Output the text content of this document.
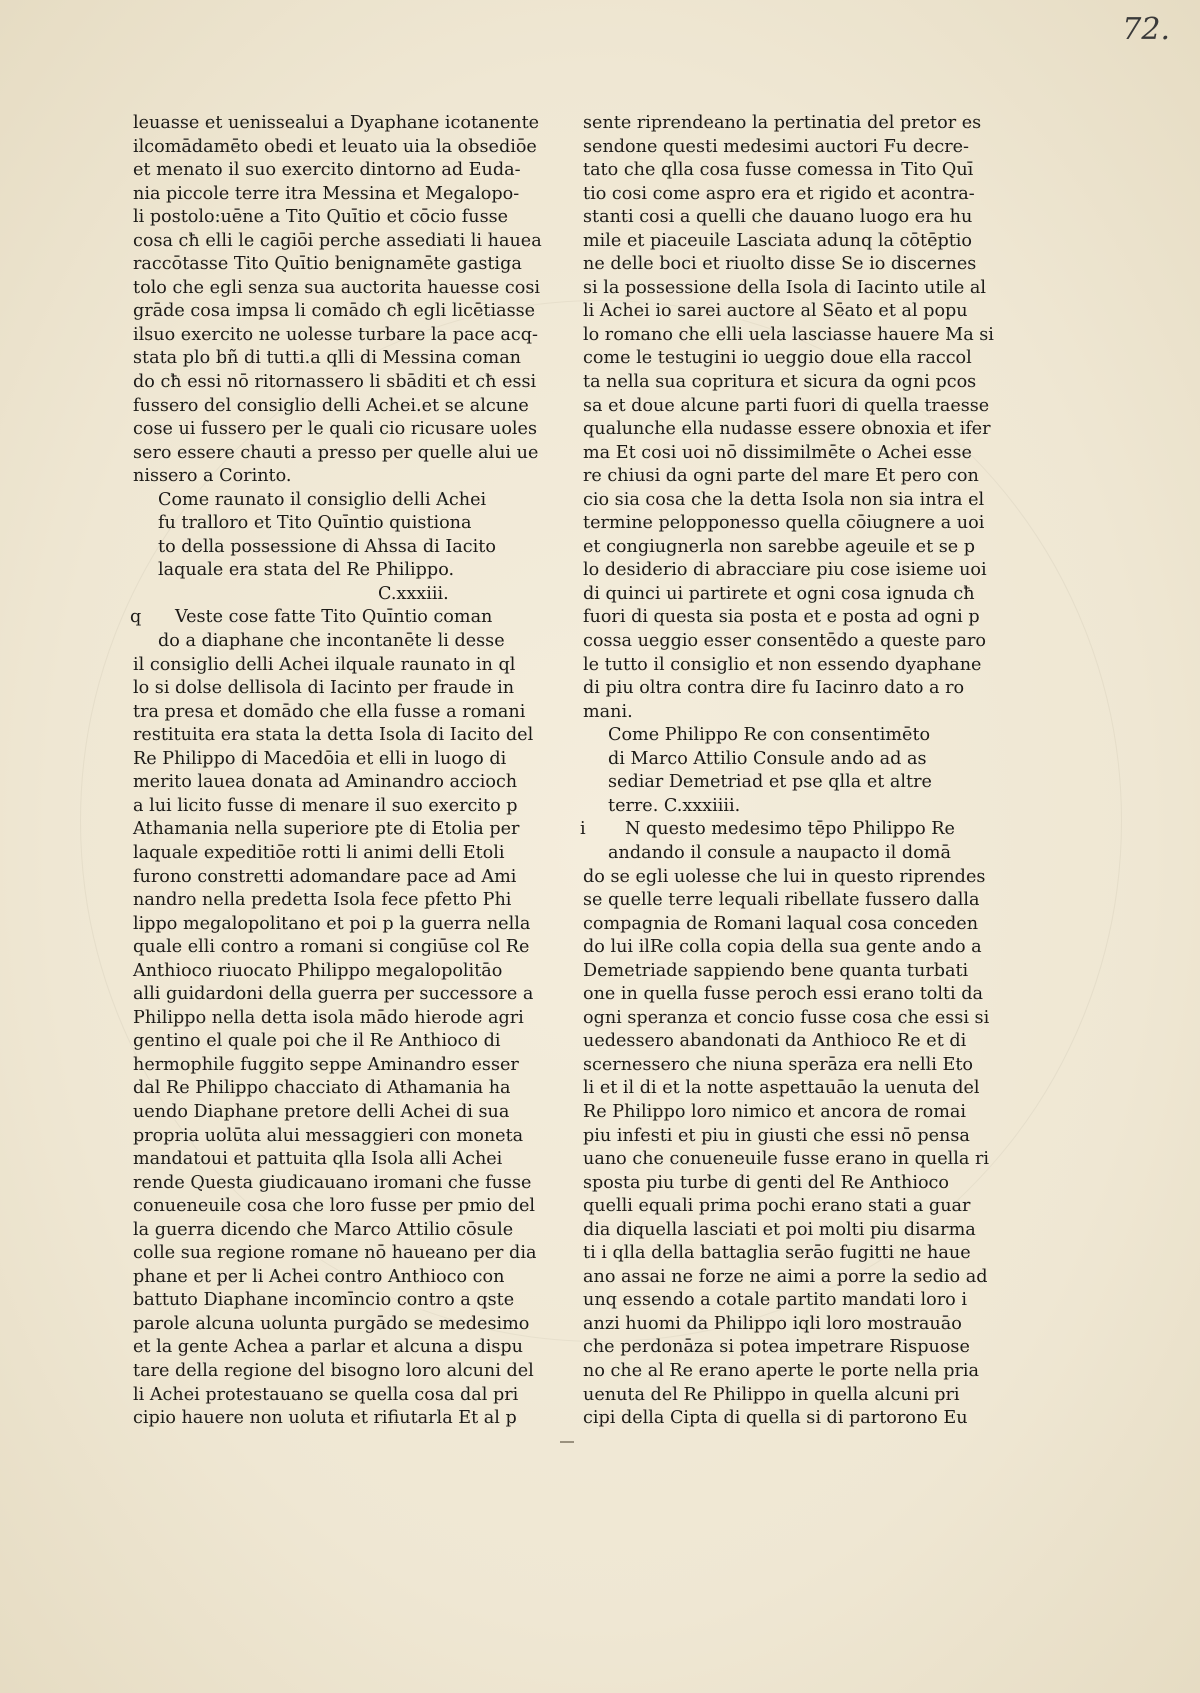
72.
leuasse et uenissealui a Dyaphane icotanente
ilcomādamēto obedi et leuato uia la obsediōe
et menato il suo exercito dintorno ad Euda-
nia piccole terre itra Messina et Megalopo-
li postolo:uēne a Tito Quītio et cōcio fusse
cosa cħ elli le cagiōi perche assediati li hauea
raccōtasse Tito Quītio benignamēte gastiga
tolo che egli senza sua auctorita hauesse cosi
grāde cosa impsa li comādo cħ egli licētiasse
ilsuo exercito ne uolesse turbare la pace acq-
stata plo bñ di tutti.a qlli di Messina coman
do cħ essi nō ritornassero li sbāditi et cħ essi
fussero del consiglio delli Achei.et se alcune
cose ui fussero per le quali cio ricusare uoles
sero essere chauti a presso per quelle alui ue
nissero a Corinto.
Come raunato il consiglio delli Achei
fu tralloro et Tito Quīntio quistiona
to della possessione di Ahssa di Iacito
laquale era stata del Re Philippo.
C.xxxiii.
q	Veste cose fatte Tito Quīntio coman
do a diaphane che incontanēte li desse
il consiglio delli Achei ilquale raunato in ql
lo si dolse dellisola di Iacinto per fraude in
tra presa et domādo che ella fusse a romani
restituita era stata la detta Isola di Iacito del
Re Philippo di Macedōia et elli in luogo di
merito lauea donata ad Aminandro accioch
a lui licito fusse di menare il suo exercito p
Athamania nella superiore pte di Etolia per
laquale expeditiōe rotti li animi delli Etoli
furono constretti adomandare pace ad Ami
nandro nella predetta Isola fece pfetto Phi
lippo megalopolitano et poi p la guerra nella
quale elli contro a romani si congiūse col Re
Anthioco riuocato Philippo megalopolitāo
alli guidardoni della guerra per successore a
Philippo nella detta isola mādo hierode agri
gentino el quale poi che il Re Anthioco di
hermophile fuggito seppe Aminandro esser
dal Re Philippo chacciato di Athamania ha
uendo Diaphane pretore delli Achei di sua
propria uolūta alui messaggieri con moneta
mandatoui et pattuita qlla Isola alli Achei
rende Questa giudicauano iromani che fusse
conueneuile cosa che loro fusse per pmio del
la guerra dicendo che Marco Attilio cōsule
colle sua regione romane nō haueano per dia
phane et per li Achei contro Anthioco con
battuto Diaphane incomīncio contro a qste
parole alcuna uolunta purgādo se medesimo
et la gente Achea a parlar et alcuna a dispu
tare della regione del bisogno loro alcuni del
li Achei protestauano se quella cosa dal pri
cipio hauere non uoluta et rifiutarla Et al p
sente riprendeano la pertinatia del pretor es
sendone questi medesimi auctori Fu decre-
tato che qlla cosa fusse comessa in Tito Quī
tio cosi come aspro era et rigido et acontra-
stanti cosi a quelli che dauano luogo era hu
mile et piaceuile Lasciata adunq la cōtēptio
ne delle boci et riuolto disse Se io discernes
si la possessione della Isola di Iacinto utile al
li Achei io sarei auctore al Sēato et al popu
lo romano che elli uela lasciasse hauere Ma si
come le testugini io ueggio doue ella raccol
ta nella sua copritura et sicura da ogni pcos
sa et doue alcune parti fuori di quella traesse
qualunche ella nudasse essere obnoxia et ifer
ma Et cosi uoi nō dissimilmēte o Achei esse
re chiusi da ogni parte del mare Et pero con
cio sia cosa che la detta Isola non sia intra el
termine pelopponesso quella cōiugnere a uoi
et congiugnerla non sarebbe ageuile et se p
lo desiderio di abracciare piu cose isieme uoi
di quinci ui partirete et ogni cosa ignuda cħ
fuori di questa sia posta et e posta ad ogni p
cossa ueggio esser consentēdo a queste paro
le tutto il consiglio et non essendo dyaphane
di piu oltra contra dire fu Iacinro dato a ro
mani.
Come Philippo Re con consentimēto
di Marco Attilio Consule ando ad as
sediar Demetriad et pse qlla et altre
terre. C.xxxiiii.
i	N questo medesimo tēpo Philippo Re
andando il consule a naupacto il domā
do se egli uolesse che lui in questo riprendes
se quelle terre lequali ribellate fussero dalla
compagnia de Romani laqual cosa conceden
do lui ilRe colla copia della sua gente ando a
Demetriade sappiendo bene quanta turbati
one in quella fusse peroch essi erano tolti da
ogni speranza et concio fusse cosa che essi si
uedessero abandonati da Anthioco Re et di
scernessero che niuna sperāza era nelli Eto
li et il di et la notte aspettauāo la uenuta del
Re Philippo loro nimico et ancora de romai
piu infesti et piu in giusti che essi nō pensa
uano che conueneuile fusse erano in quella ri
sposta piu turbe di genti del Re Anthioco
quelli equali prima pochi erano stati a guar
dia diquella lasciati et poi molti piu disarma
ti i qlla della battaglia serāo fugitti ne haue
ano assai ne forze ne aimi a porre la sedio ad
unq essendo a cotale partito mandati loro i
anzi huomi da Philippo iqli loro mostrauāo
che perdonāza si potea impetrare Rispuose
no che al Re erano aperte le porte nella pria
uenuta del Re Philippo in quella alcuni pri
cipi della Cipta di quella si di partorono Eu
